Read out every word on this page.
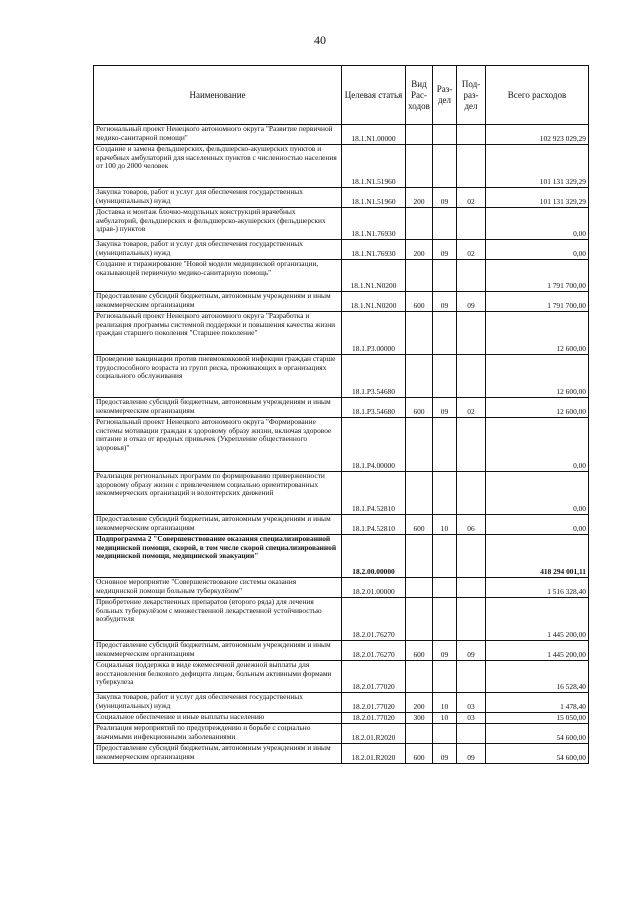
40
Наименование	Целевая статья	Вид Рас-ходов	Раз-дел	Под-раз-дел	Всего расходов
Региональный проект Ненецкого автономного округа "Развитие первичной медико-санитарной помощи"	18.1.N1.00000				102 923 029,29
Создание и замена фельдшерских, фельдшерско-акушерских пунктов и врачебных амбулаторий для населенных пунктов с численностью населения от 100 до 2000 человек	18.1.N1.51960				101 131 329,29
Закупка товаров, работ и услуг для обеспечения государственных (муниципальных) нужд	18.1.N1.51960	200	09	02	101 131 329,29
Доставка и монтаж блочно-модульных конструкций врачебных амбулаторий, фельдшерских и фельдшерско-акушерских (фельдшерских здрав-) пунктов	18.1.N1.76930				0,00
Закупка товаров, работ и услуг для обеспечения государственных (муниципальных) нужд	18.1.N1.76930	200	09	02	0,00
Создание и тиражирование "Новой модели медицинской организации, оказывающей первичную медико-санитарную помощь"	18.1.N1.N0200				1 791 700,00
Предоставление субсидий бюджетным, автономным учреждениям и иным некоммерческим организациям	18.1.N1.N0200	600	09	09	1 791 700,00
Региональный проект Ненецкого автономного округа "Разработка и реализация программы системной поддержки и повышения качества жизни граждан старшего поколения "Старшее поколение"	18.1.P3.00000				12 600,00
Проведение вакцинации против пневмококковой инфекции граждан старше трудоспособного возраста из групп риска, проживающих в организациях социального обслуживания	18.1.P3.54680				12 600,00
Предоставление субсидий бюджетным, автономным учреждениям и иным некоммерческим организациям	18.1.P3.54680	600	09	02	12 600,00
Региональный проект Ненецкого автономного округа "Формирование системы мотивации граждан к здоровому образу жизни, включая здоровое питание и отказ от вредных привычек (Укрепление общественного здоровья)"	18.1.P4.00000				0,00
Реализация региональных программ по формированию приверженности здоровому образу жизни с привлечением социально ориентированных некоммерческих организаций и волонтерских движений	18.1.P4.52810				0,00
Предоставление субсидий бюджетным, автономным учреждениям и иным некоммерческим организациям	18.1.P4.52810	600	10	06	0,00
Подпрограмма 2 "Совершенствование оказания специализированной медицинской помощи, скорой, в том числе скорой специализированной медицинской помощи, медицинской эвакуации"	18.2.00.00000				418 294 001,11
Основное мероприятие "Совершенствование системы оказания медицинской помощи больным туберкулёзом"	18.2.01.00000				1 516 328,40
Приобретение лекарственных препаратов (второго ряда) для лечения больных туберкулёзом с множественной лекарственной устойчивостью возбудителя	18.2.01.76270				1 445 200,00
Предоставление субсидий бюджетным, автономным учреждениям и иным некоммерческим организациям	18.2.01.76270	600	09	09	1 445 200,00
Социальная поддержка в виде ежемесячной денежной выплаты для восстановления белкового дефицита лицам, больным активными формами туберкулеза	18.2.01.77020				16 528,40
Закупка товаров, работ и услуг для обеспечения государственных (муниципальных) нужд	18.2.01.77020	200	10	03	1 478,40
Социальное обеспечение и иные выплаты населению	18.2.01.77020	300	10	03	15 050,00
Реализация мероприятий по предупреждению и борьбе с социально значимыми инфекционными заболеваниями	18.2.01.R2020				54 600,00
Предоставление субсидий бюджетным, автономным учреждениям и иным некоммерческим организациям	18.2.01.R2020	600	09	09	54 600,00
